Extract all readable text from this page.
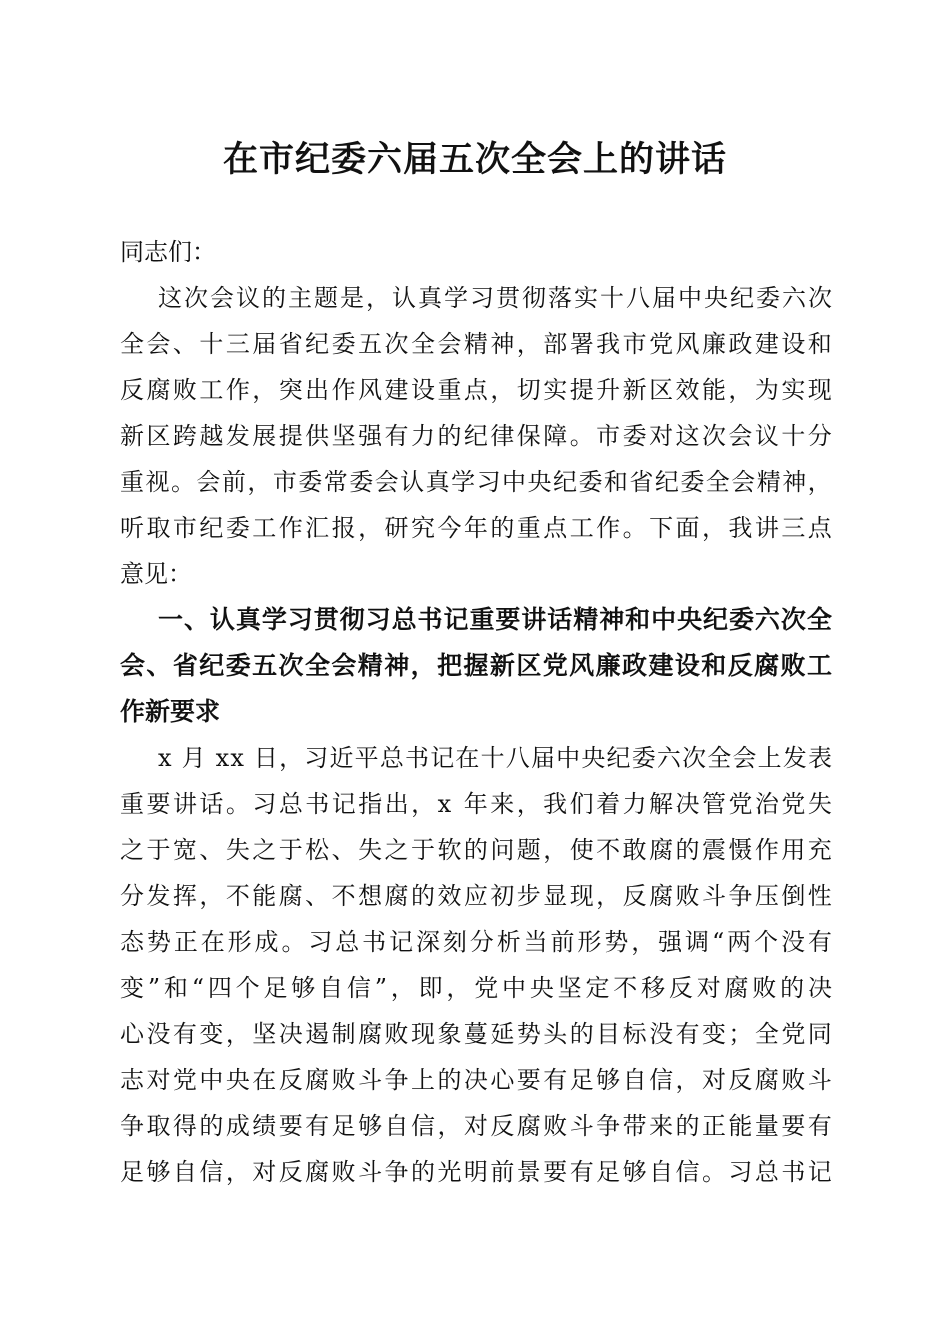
在市纪委六届五次全会上的讲话
同志们：
这 次 会 议 的 主 题 是 ， 认 真 学 习 贯 彻 落 实 十 八 届 中 央 纪 委 六 次
全 会 、 十 三 届 省 纪 委 五 次 全 会 精 神 ， 部 署 我 市 党 风 廉 政 建 设 和
反 腐 败 工 作 ， 突 出 作 风 建 设 重 点 ， 切 实 提 升 新 区 效 能 ， 为 实 现
新 区 跨 越 发 展 提 供 坚 强 有 力 的 纪 律 保 障 。 市 委 对 这 次 会 议 十 分
重 视 。 会 前 ， 市 委 常 委 会 认 真 学 习 中 央 纪 委 和 省 纪 委 全 会 精 神 ，
听 取 市 纪 委 工 作 汇 报 ， 研 究 今 年 的 重 点 工 作 。 下 面 ， 我 讲 三 点
意见：
一 、 认 真 学 习 贯 彻 习 总 书 记 重 要 讲 话 精 神 和 中 央 纪 委 六 次 全
会 、 省 纪 委 五 次 全 会 精 神 ， 把 握 新 区 党 风 廉 政 建 设 和 反 腐 败 工
作新要求
x
月
x x
日 ， 习 近 平 总 书 记 在 十 八 届 中 央 纪 委 六 次 全 会 上 发 表
重 要 讲 话 。 习 总 书 记 指 出 ， x
年 来 ， 我 们 着 力 解 决 管 党 治 党 失
之 于 宽 、 失 之 于 松 、 失 之 于 软 的 问 题 ， 使 不 敢 腐 的 震 慑 作 用 充
分 发 挥 ， 不 能 腐 、 不 想 腐 的 效 应 初 步 显 现 ， 反 腐 败 斗 争 压 倒 性
态 势 正 在 形 成 。 习 总 书 记 深 刻 分 析 当 前 形 势 ， 强 调 “ 两 个 没 有
变 ” 和 “ 四 个 足 够 自 信 ” ， 即 ， 党 中 央 坚 定 不 移 反 对 腐 败 的 决
心 没 有 变 ， 坚 决 遏 制 腐 败 现 象 蔓 延 势 头 的 目 标 没 有 变 ； 全 党 同
志 对 党 中 央 在 反 腐 败 斗 争 上 的 决 心 要 有 足 够 自 信 ， 对 反 腐 败 斗
争 取 得 的 成 绩 要 有 足 够 自 信 ， 对 反 腐 败 斗 争 带 来 的 正 能 量 要 有
足 够 自 信 ， 对 反 腐 败 斗 争 的 光 明 前 景 要 有 足 够 自 信 。 习 总 书 记
